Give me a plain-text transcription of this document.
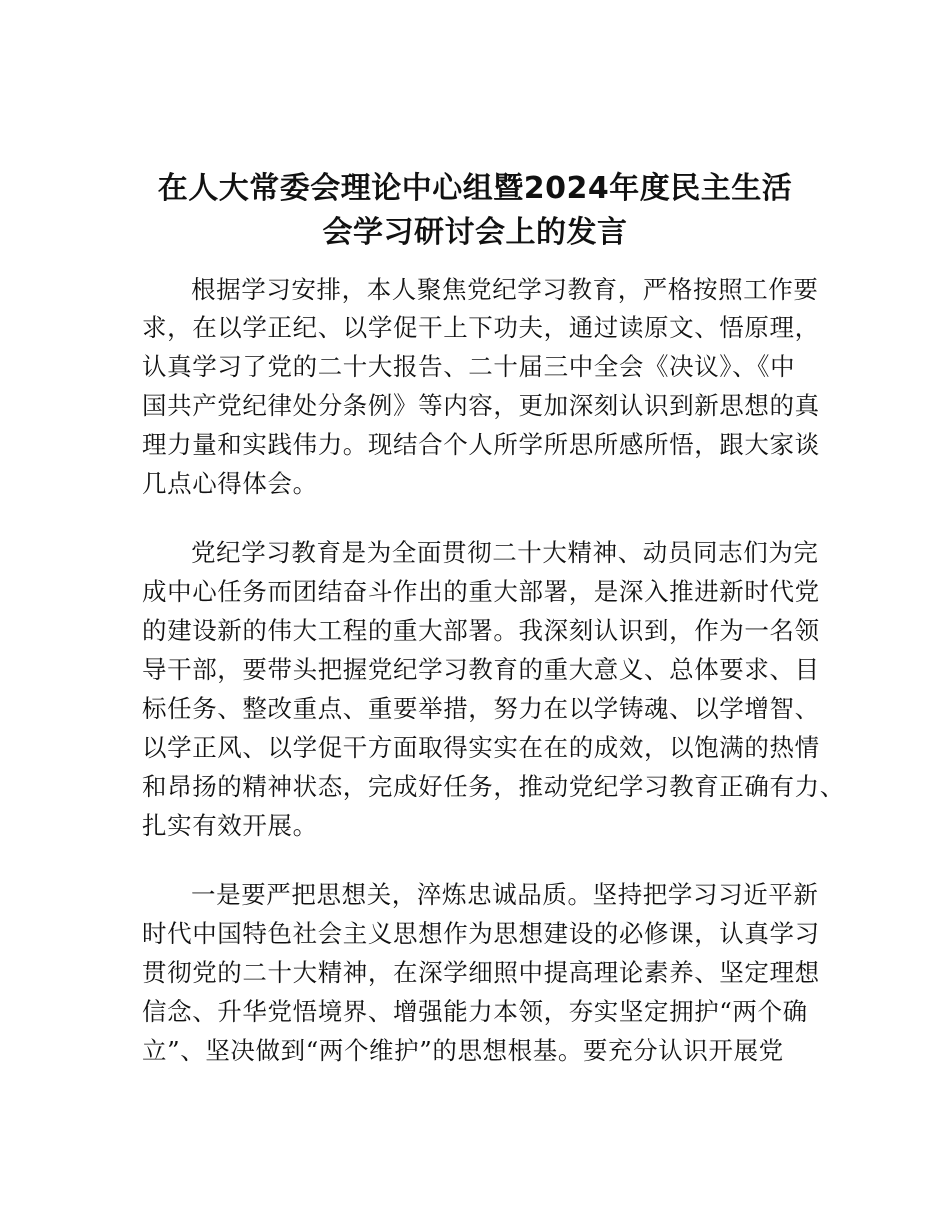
在人大常委会理论中心组暨2024年度民主生活
会学习研讨会上的发言
根据学习安排，本人聚焦党纪学习教育，严格按照工作要
求，在以学正纪、以学促干上下功夫，通过读原文、悟原理，
认真学习了党的二十大报告、二十届三中全会《决议》、《中
国共产党纪律处分条例》等内容，更加深刻认识到新思想的真
理力量和实践伟力。现结合个人所学所思所感所悟，跟大家谈
几点心得体会。
党纪学习教育是为全面贯彻二十大精神、动员同志们为完
成中心任务而团结奋斗作出的重大部署，是深入推进新时代党
的建设新的伟大工程的重大部署。我深刻认识到，作为一名领
导干部，要带头把握党纪学习教育的重大意义、总体要求、目
标任务、整改重点、重要举措，努力在以学铸魂、以学增智、
以学正风、以学促干方面取得实实在在的成效，以饱满的热情
和昂扬的精神状态，完成好任务，推动党纪学习教育正确有力、
扎实有效开展。
一是要严把思想关，淬炼忠诚品质。坚持把学习习近平新
时代中国特色社会主义思想作为思想建设的必修课，认真学习
贯彻党的二十大精神，在深学细照中提高理论素养、坚定理想
信念、升华党悟境界、增强能力本领，夯实坚定拥护“两个确
立”、坚决做到“两个维护”的思想根基。要充分认识开展党
